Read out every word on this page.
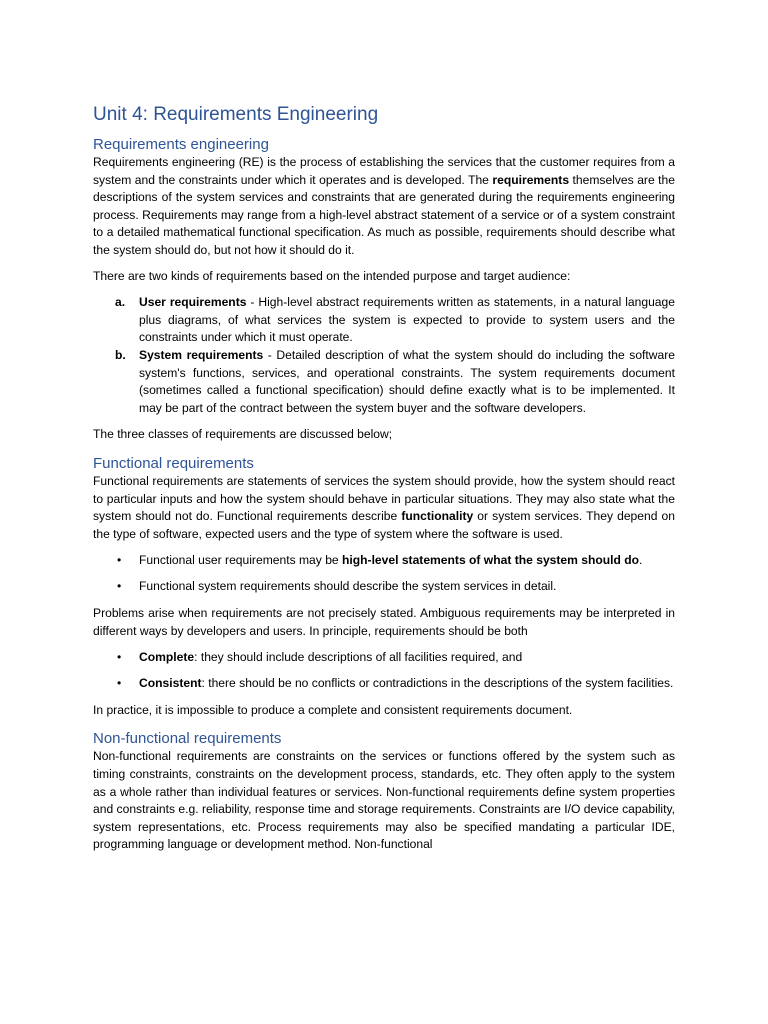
Unit 4: Requirements Engineering
Requirements engineering

Requirements engineering (RE) is the process of establishing the services that the customer requires from a system and the constraints under which it operates and is developed. The requirements themselves are the descriptions of the system services and constraints that are generated during the requirements engineering process. Requirements may range from a high-level abstract statement of a service or of a system constraint to a detailed mathematical functional specification. As much as possible, requirements should describe what the system should do, but not how it should do it.

There are two kinds of requirements based on the intended purpose and target audience:

a. User requirements - High-level abstract requirements written as statements, in a natural language plus diagrams, of what services the system is expected to provide to system users and the constraints under which it must operate.
b. System requirements - Detailed description of what the system should do including the software system's functions, services, and operational constraints. The system requirements document (sometimes called a functional specification) should define exactly what is to be implemented. It may be part of the contract between the system buyer and the software developers.

The three classes of requirements are discussed below;

Functional requirements

Functional requirements are statements of services the system should provide, how the system should react to particular inputs and how the system should behave in particular situations. They may also state what the system should not do. Functional requirements describe functionality or system services. They depend on the type of software, expected users and the type of system where the software is used.

• Functional user requirements may be high-level statements of what the system should do.
• Functional system requirements should describe the system services in detail.

Problems arise when requirements are not precisely stated. Ambiguous requirements may be interpreted in different ways by developers and users. In principle, requirements should be both

• Complete: they should include descriptions of all facilities required, and
• Consistent: there should be no conflicts or contradictions in the descriptions of the system facilities.

In practice, it is impossible to produce a complete and consistent requirements document.

Non-functional requirements

Non-functional requirements are constraints on the services or functions offered by the system such as timing constraints, constraints on the development process, standards, etc. They often apply to the system as a whole rather than individual features or services. Non-functional requirements define system properties and constraints e.g. reliability, response time and storage requirements. Constraints are I/O device capability, system representations, etc. Process requirements may also be specified mandating a particular IDE, programming language or development method. Non-functional
